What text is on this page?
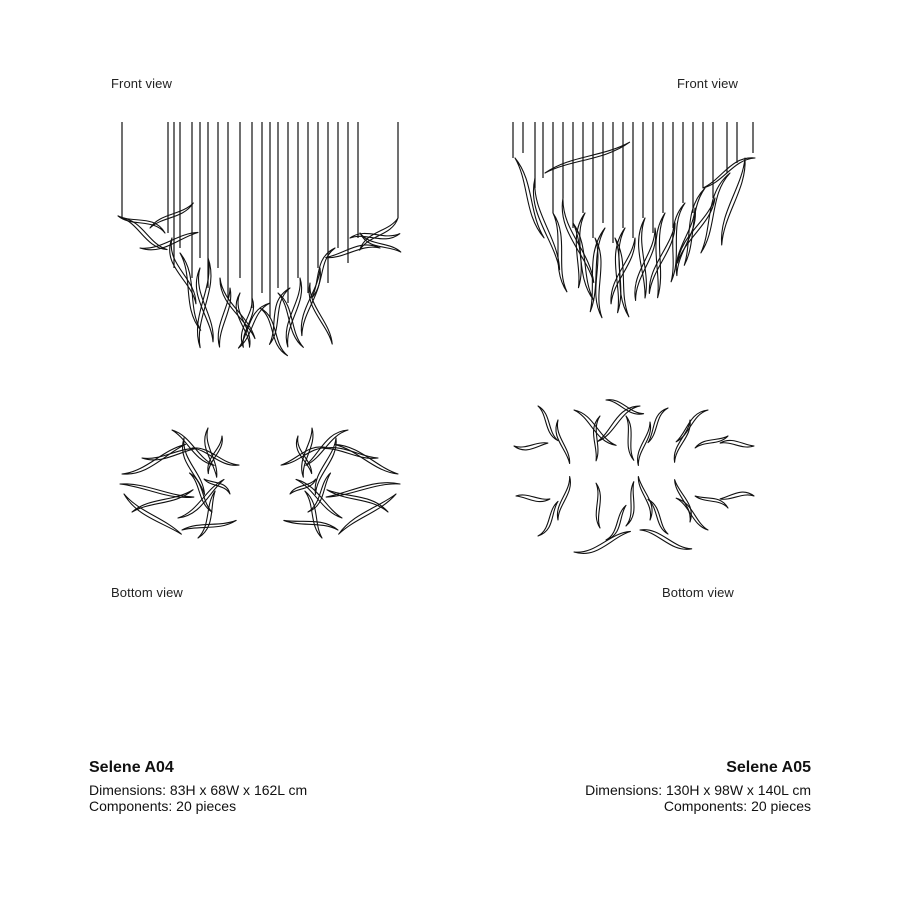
Front view	Front view
Bottom view	Bottom view
Selene A04
Dimensions: 83H x 68W x 162L cm
Components: 20 pieces
Selene A05
Dimensions: 130H x 98W x 140L cm
Components: 20 pieces
